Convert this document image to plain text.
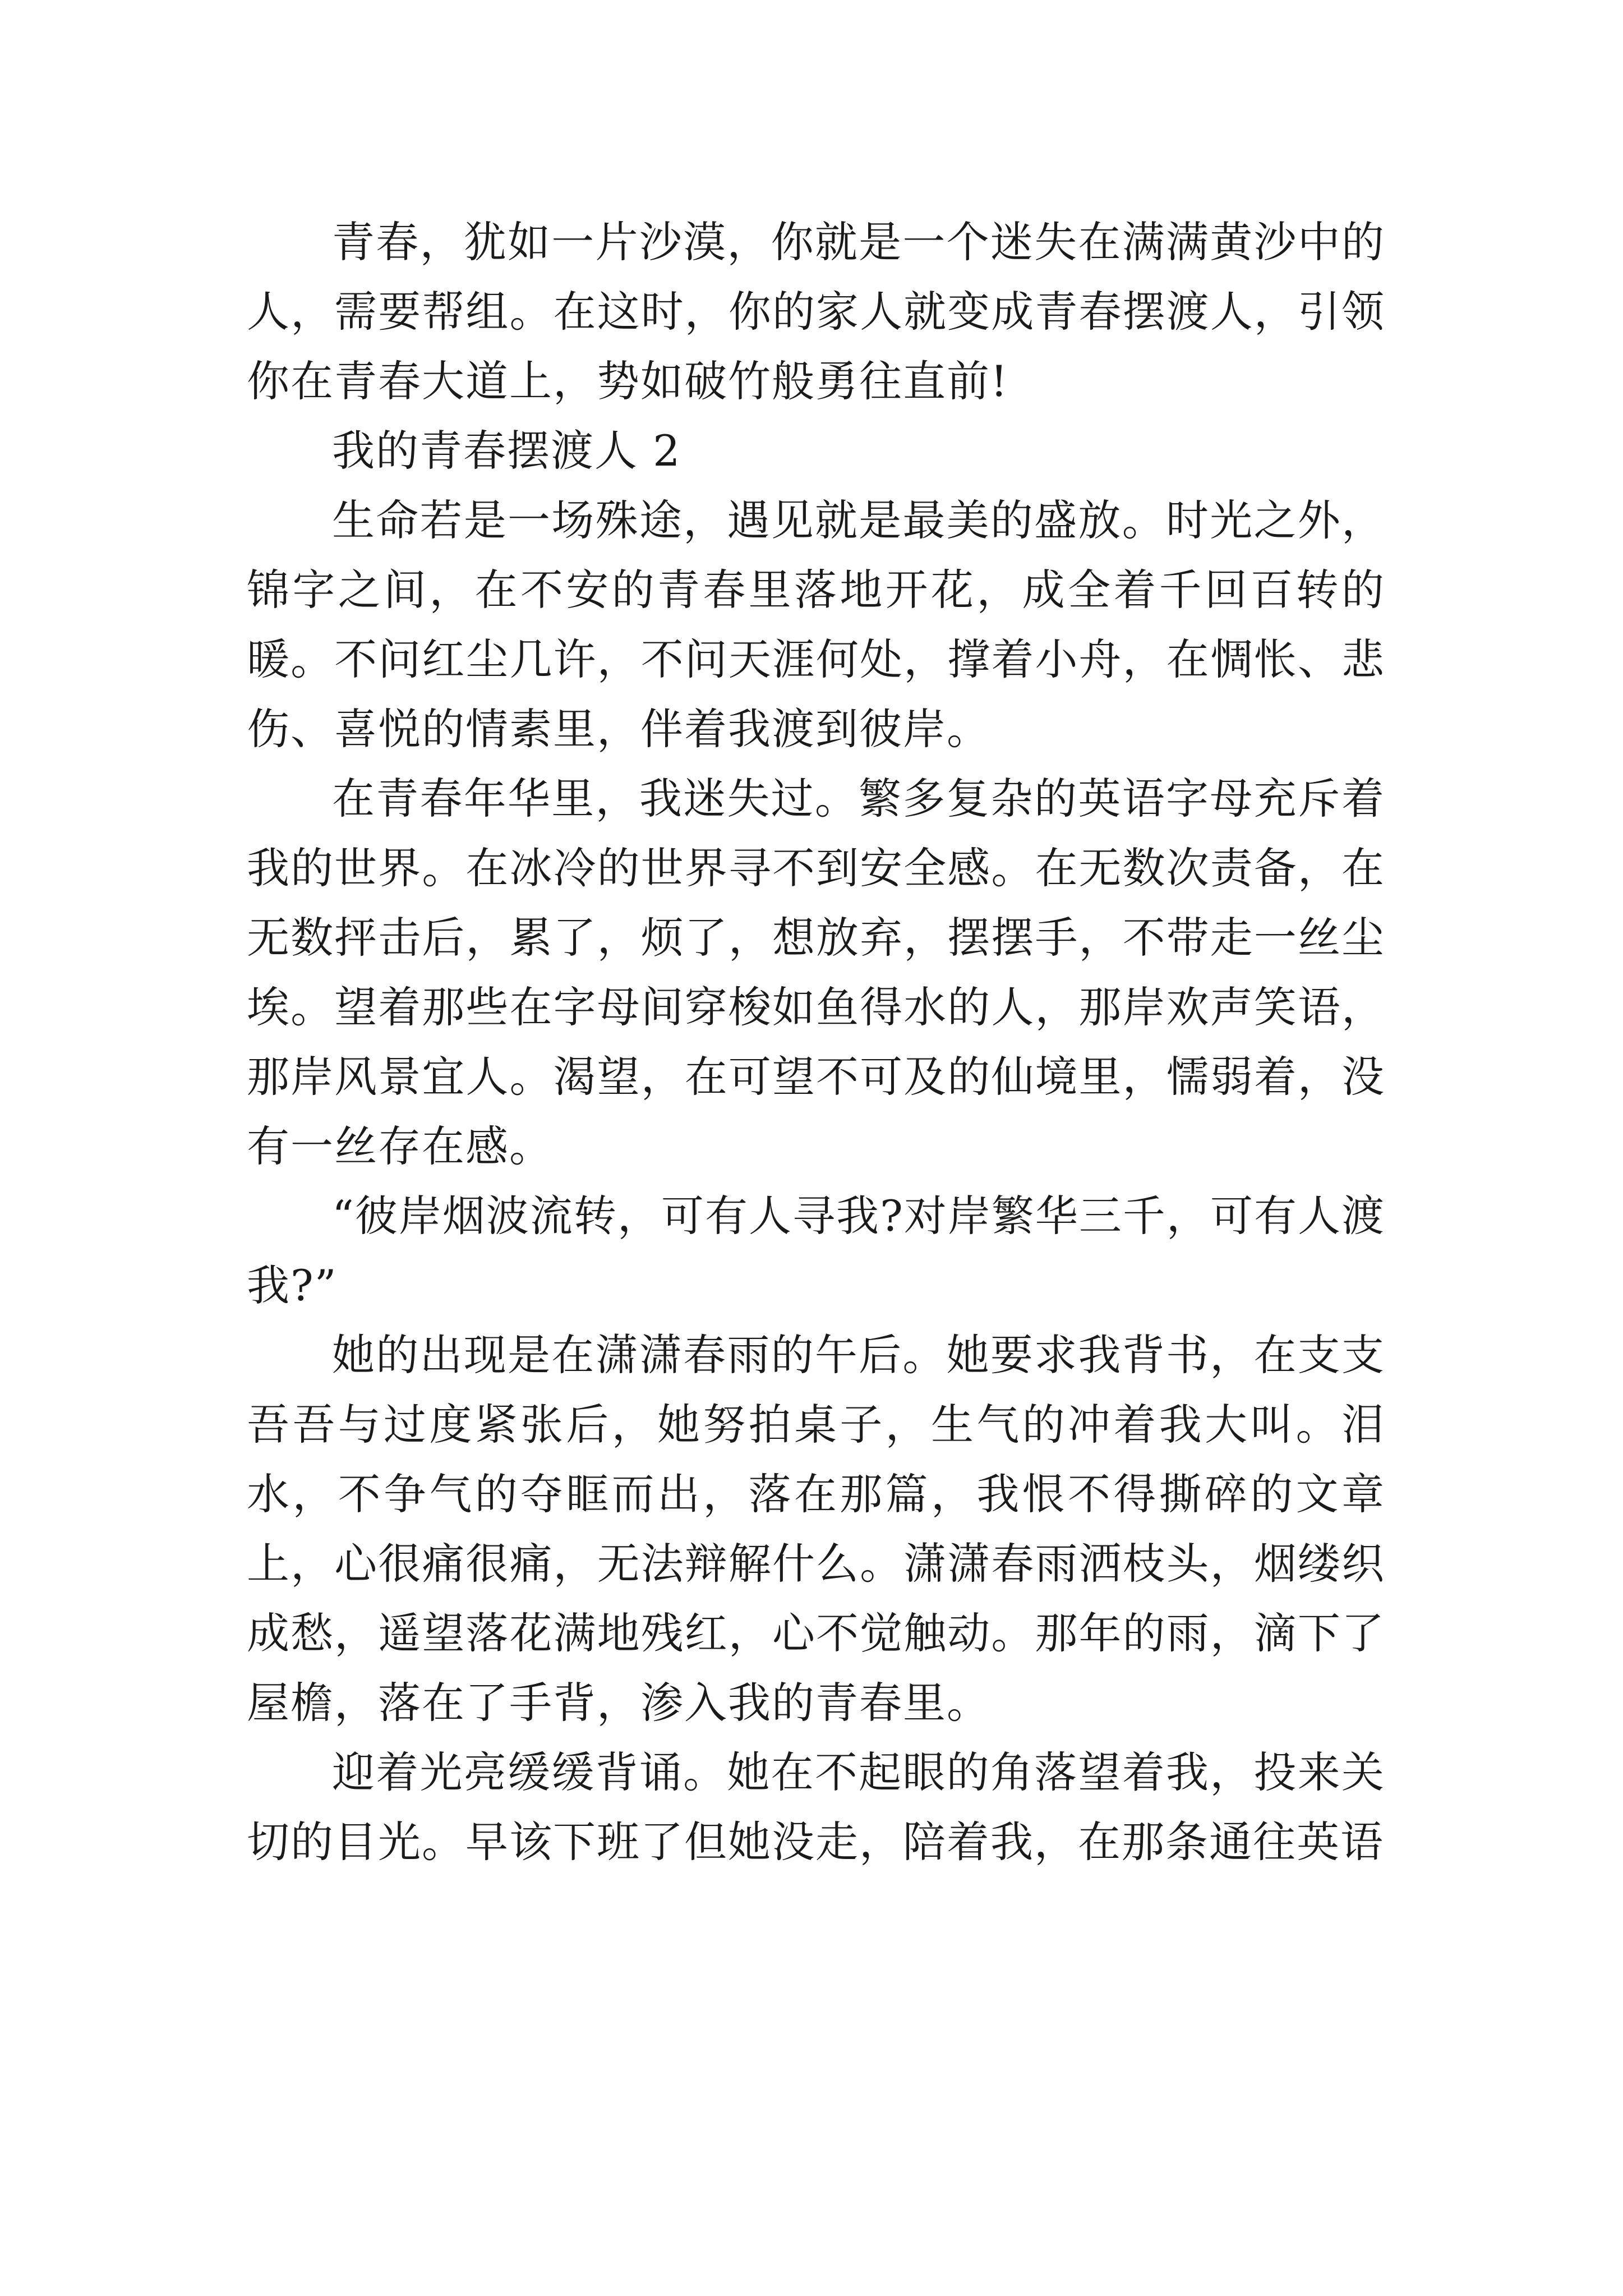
青春，犹如一片沙漠，你就是一个迷失在满满黄沙中的人，需要帮组。在这时，你的家人就变成青春摆渡人，引领你在青春大道上，势如破竹般勇往直前!

我的青春摆渡人 2

生命若是一场殊途，遇见就是最美的盛放。时光之外，锦字之间，在不安的青春里落地开花，成全着千回百转的暖。不问红尘几许，不问天涯何处，撑着小舟，在惆怅、悲伤、喜悦的情素里，伴着我渡到彼岸。

在青春年华里，我迷失过。繁多复杂的英语字母充斥着我的世界。在冰冷的世界寻不到安全感。在无数次责备，在无数抨击后，累了，烦了，想放弃，摆摆手，不带走一丝尘埃。望着那些在字母间穿梭如鱼得水的人，那岸欢声笑语，那岸风景宜人。渴望，在可望不可及的仙境里，懦弱着，没有一丝存在感。

“彼岸烟波流转，可有人寻我?对岸繁华三千，可有人渡我?”

她的出现是在潇潇春雨的午后。她要求我背书，在支支吾吾与过度紧张后，她努拍桌子，生气的冲着我大叫。泪水，不争气的夺眶而出，落在那篇，我恨不得撕碎的文章上，心很痛很痛，无法辩解什么。潇潇春雨洒枝头，烟缕织成愁，遥望落花满地残红，心不觉触动。那年的雨，滴下了屋檐，落在了手背，渗入我的青春里。

迎着光亮缓缓背诵。她在不起眼的角落望着我，投来关切的目光。早该下班了但她没走，陪着我，在那条通往英语
